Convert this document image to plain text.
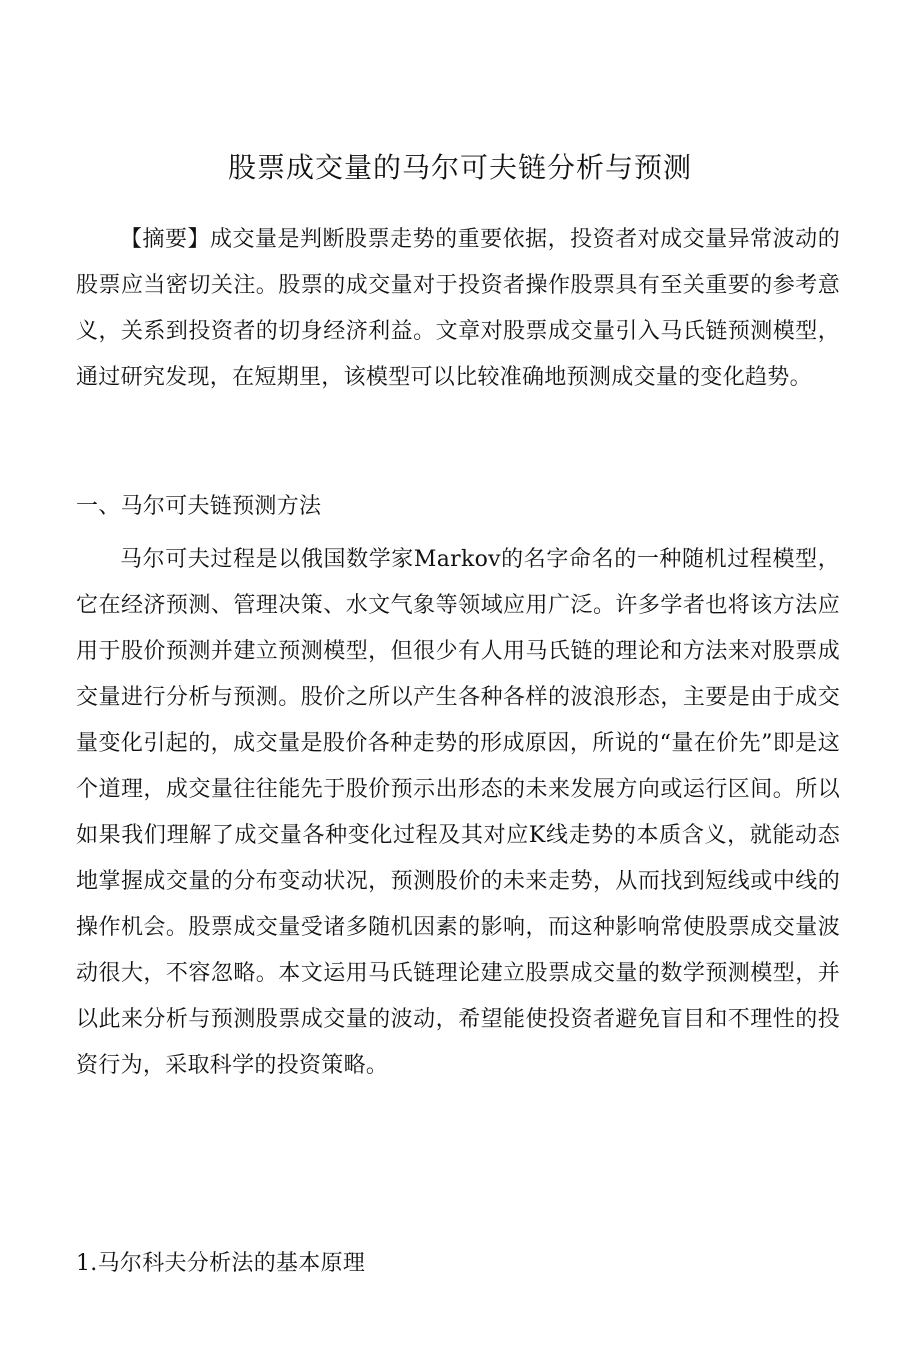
股票成交量的马尔可夫链分析与预测

【摘要】成交量是判断股票走势的重要依据，投资者对成交量异常波动的股票应当密切关注。股票的成交量对于投资者操作股票具有至关重要的参考意义，关系到投资者的切身经济利益。文章对股票成交量引入马氏链预测模型，通过研究发现，在短期里，该模型可以比较准确地预测成交量的变化趋势。

一、马尔可夫链预测方法

马尔可夫过程是以俄国数学家Markov的名字命名的一种随机过程模型，它在经济预测、管理决策、水文气象等领域应用广泛。许多学者也将该方法应用于股价预测并建立预测模型，但很少有人用马氏链的理论和方法来对股票成交量进行分析与预测。股价之所以产生各种各样的波浪形态，主要是由于成交量变化引起的，成交量是股价各种走势的形成原因，所说的“量在价先”即是这个道理，成交量往往能先于股价预示出形态的未来发展方向或运行区间。所以如果我们理解了成交量各种变化过程及其对应K线走势的本质含义，就能动态地掌握成交量的分布变动状况，预测股价的未来走势，从而找到短线或中线的操作机会。股票成交量受诸多随机因素的影响，而这种影响常使股票成交量波动很大，不容忽略。本文运用马氏链理论建立股票成交量的数学预测模型，并以此来分析与预测股票成交量的波动，希望能使投资者避免盲目和不理性的投资行为，采取科学的投资策略。

1.马尔科夫分析法的基本原理
